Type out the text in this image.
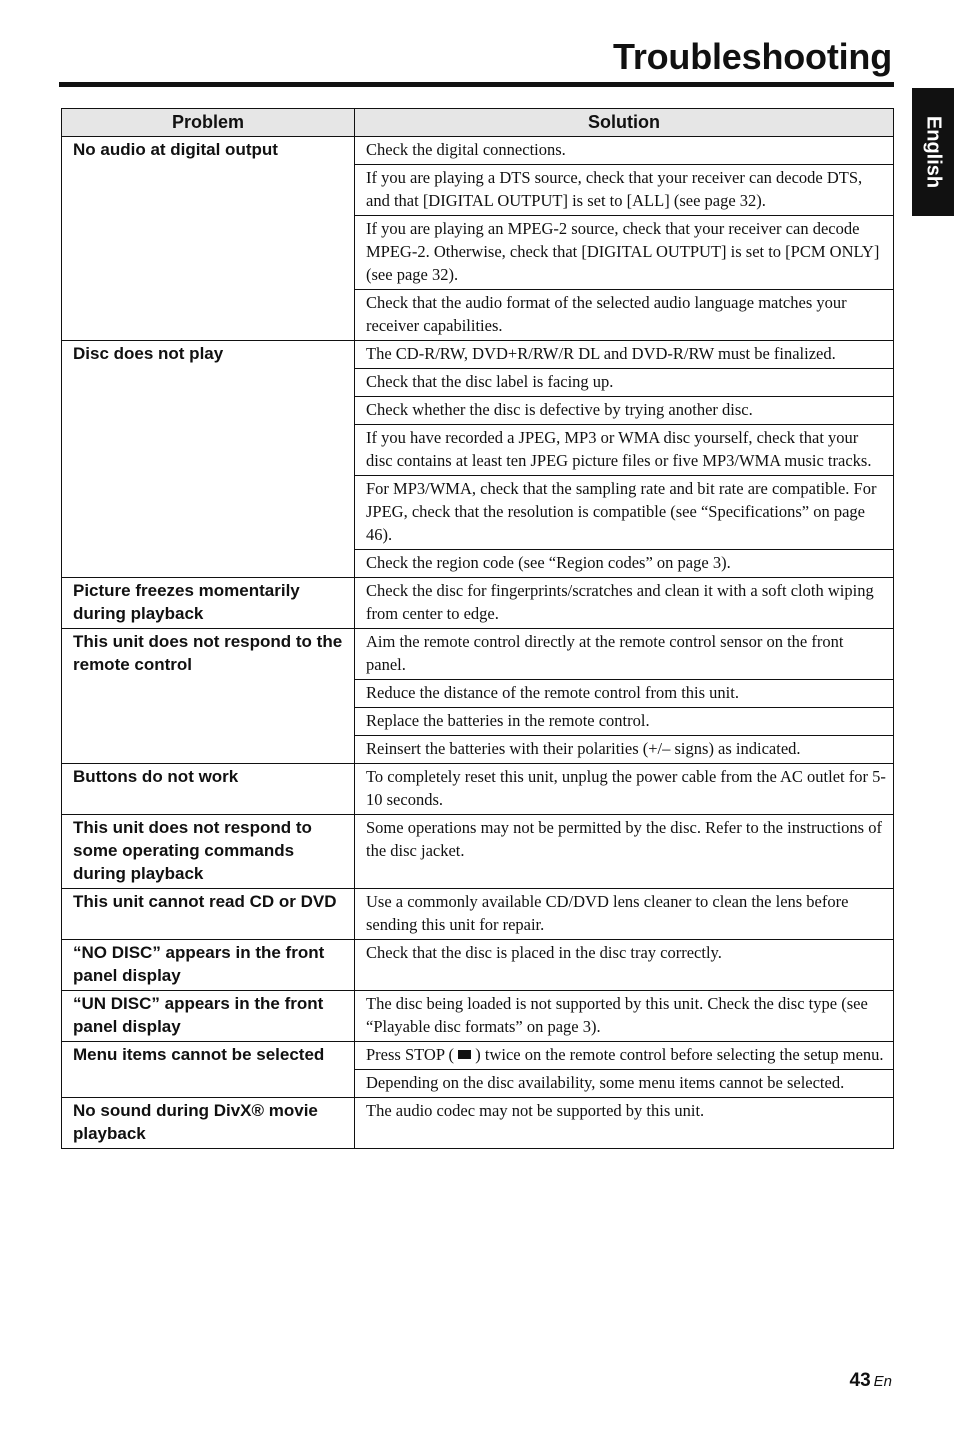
Troubleshooting
English
Problem	Solution
No audio at digital output	Check the digital connections.
	If you are playing a DTS source, check that your receiver can decode DTS, and that [DIGITAL OUTPUT] is set to [ALL] (see page 32).
	If you are playing an MPEG-2 source, check that your receiver can decode MPEG-2. Otherwise, check that [DIGITAL OUTPUT] is set to [PCM ONLY] (see page 32).
	Check that the audio format of the selected audio language matches your receiver capabilities.
Disc does not play	The CD-R/RW, DVD+R/RW/R DL and DVD-R/RW must be finalized.
	Check that the disc label is facing up.
	Check whether the disc is defective by trying another disc.
	If you have recorded a JPEG, MP3 or WMA disc yourself, check that your disc contains at least ten JPEG picture files or five MP3/WMA music tracks.
	For MP3/WMA, check that the sampling rate and bit rate are compatible. For JPEG, check that the resolution is compatible (see “Specifications” on page 46).
	Check the region code (see “Region codes” on page 3).
Picture freezes momentarily during playback	Check the disc for fingerprints/scratches and clean it with a soft cloth wiping from center to edge.
This unit does not respond to the remote control	Aim the remote control directly at the remote control sensor on the front panel.
	Reduce the distance of the remote control from this unit.
	Replace the batteries in the remote control.
	Reinsert the batteries with their polarities (+/– signs) as indicated.
Buttons do not work	To completely reset this unit, unplug the power cable from the AC outlet for 5-10 seconds.
This unit does not respond to some operating commands during playback	Some operations may not be permitted by the disc. Refer to the instructions of the disc jacket.
This unit cannot read CD or DVD	Use a commonly available CD/DVD lens cleaner to clean the lens before sending this unit for repair.
“NO DISC” appears in the front panel display	Check that the disc is placed in the disc tray correctly.
“UN DISC” appears in the front panel display	The disc being loaded is not supported by this unit. Check the disc type (see “Playable disc formats” on page 3).
Menu items cannot be selected	Press STOP ( ) twice on the remote control before selecting the setup menu.
	Depending on the disc availability, some menu items cannot be selected.
No sound during DivX® movie playback	The audio codec may not be supported by this unit.
43 En
